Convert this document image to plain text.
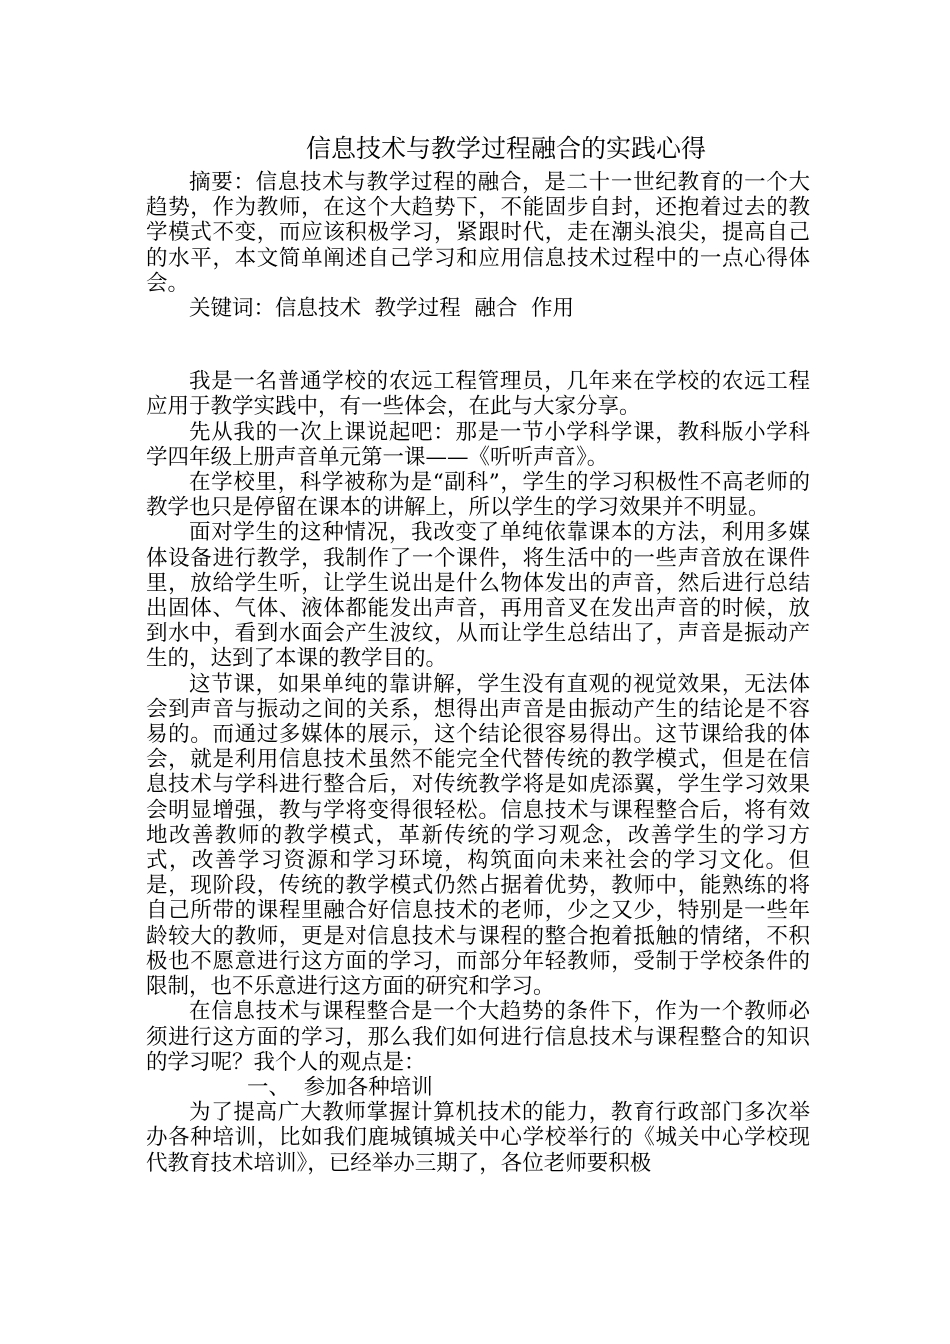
信息技术与教学过程融合的实践心得

摘要：信息技术与教学过程的融合，是二十一世纪教育的一个大趋势，作为教师，在这个大趋势下，不能固步自封，还抱着过去的教学模式不变，而应该积极学习，紧跟时代，走在潮头浪尖，提高自己的水平，本文简单阐述自己学习和应用信息技术过程中的一点心得体会。

关键词：信息技术  教学过程  融合  作用

我是一名普通学校的农远工程管理员，几年来在学校的农远工程应用于教学实践中，有一些体会，在此与大家分享。

先从我的一次上课说起吧：那是一节小学科学课，教科版小学科学四年级上册声音单元第一课——《听听声音》。

在学校里，科学被称为是“副科”，学生的学习积极性不高老师的教学也只是停留在课本的讲解上，所以学生的学习效果并不明显。

面对学生的这种情况，我改变了单纯依靠课本的方法，利用多媒体设备进行教学，我制作了一个课件，将生活中的一些声音放在课件里，放给学生听，让学生说出是什么物体发出的声音，然后进行总结出固体、气体、液体都能发出声音，再用音叉在发出声音的时候，放到水中，看到水面会产生波纹，从而让学生总结出了，声音是振动产生的，达到了本课的教学目的。

这节课，如果单纯的靠讲解，学生没有直观的视觉效果，无法体会到声音与振动之间的关系，想得出声音是由振动产生的结论是不容易的。而通过多媒体的展示，这个结论很容易得出。这节课给我的体会，就是利用信息技术虽然不能完全代替传统的教学模式，但是在信息技术与学科进行整合后，对传统教学将是如虎添翼，学生学习效果会明显增强，教与学将变得很轻松。信息技术与课程整合后，将有效地改善教师的教学模式，革新传统的学习观念，改善学生的学习方式，改善学习资源和学习环境，构筑面向未来社会的学习文化。但是，现阶段，传统的教学模式仍然占据着优势，教师中，能熟练的将自己所带的课程里融合好信息技术的老师，少之又少，特别是一些年龄较大的教师，更是对信息技术与课程的整合抱着抵触的情绪，不积极也不愿意进行这方面的学习，而部分年轻教师，受制于学校条件的限制，也不乐意进行这方面的研究和学习。

在信息技术与课程整合是一个大趋势的条件下，作为一个教师必须进行这方面的学习，那么我们如何进行信息技术与课程整合的知识的学习呢？我个人的观点是：

一、  参加各种培训

为了提高广大教师掌握计算机技术的能力，教育行政部门多次举办各种培训，比如我们鹿城镇城关中心学校举行的《城关中心学校现代教育技术培训》，已经举办三期了，各位老师要积极
